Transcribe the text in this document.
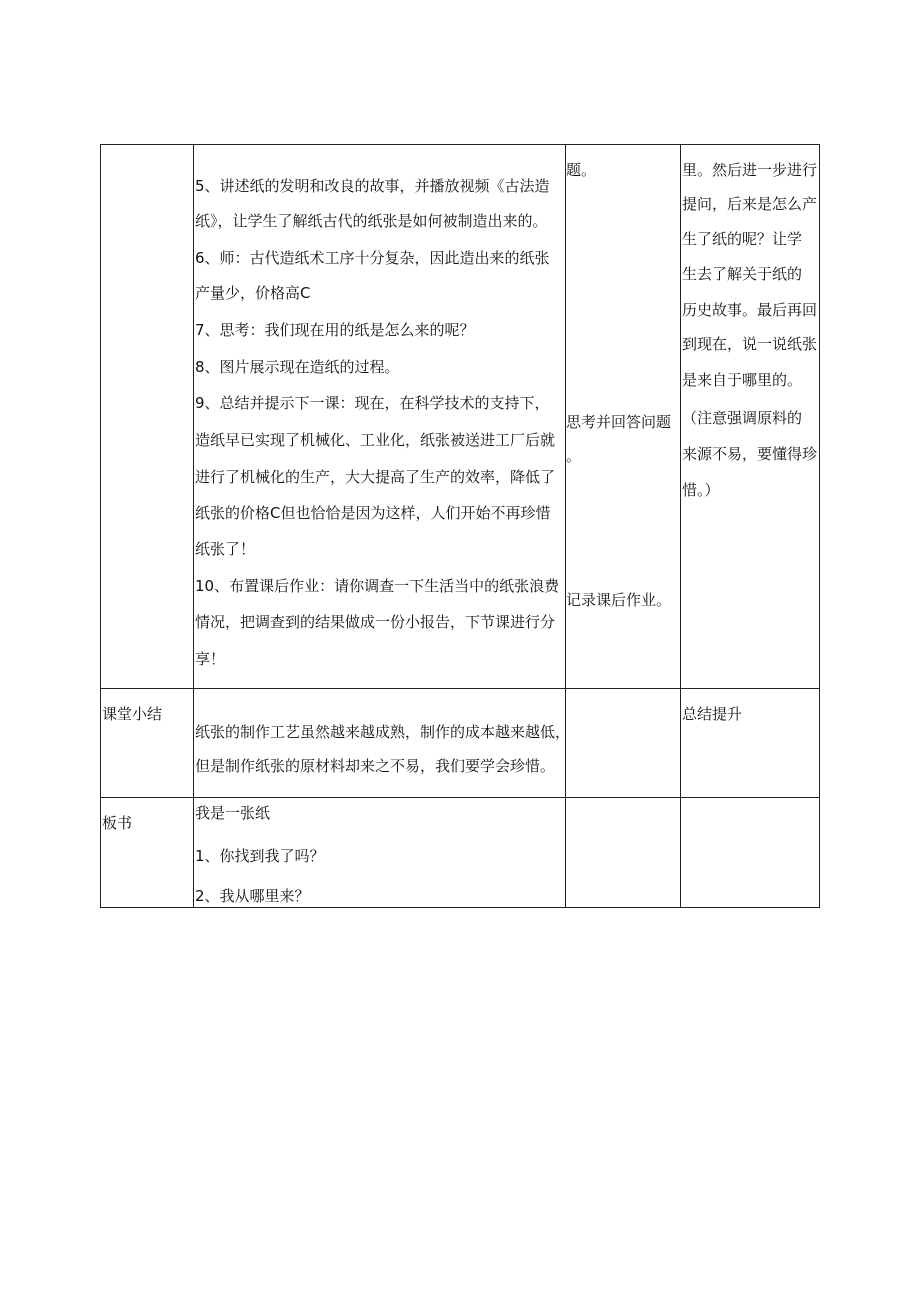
5、讲述纸的发明和改良的故事，并播放视频《古法造
纸》，让学生了解纸古代的纸张是如何被制造出来的。
6、师：古代造纸术工序十分复杂，因此造出来的纸张
产量少，价格高C
7、思考：我们现在用的纸是怎么来的呢？
8、图片展示现在造纸的过程。
9、总结并提示下一课：现在，在科学技术的支持下，
造纸早已实现了机械化、工业化，纸张被送进工厂后就
进行了机械化的生产，大大提高了生产的效率，降低了
纸张的价格C但也恰恰是因为这样，人们开始不再珍惜
纸张了！
10、布置课后作业：请你调查一下生活当中的纸张浪费
情况，把调查到的结果做成一份小报告，下节课进行分
享！
题。
思考并回答问题
。
记录课后作业。
里。然后进一步进行
提问，后来是怎么产
生了纸的呢？让学
生去了解关于纸的
历史故事。最后再回
到现在，说一说纸张
是来自于哪里的。
（注意强调原料的
来源不易，要懂得珍
惜。）
课堂小结
纸张的制作工艺虽然越来越成熟，制作的成本越来越低，
但是制作纸张的原材料却来之不易，我们要学会珍惜。
总结提升
板书
我是一张纸
1、你找到我了吗？
2、我从哪里来？
